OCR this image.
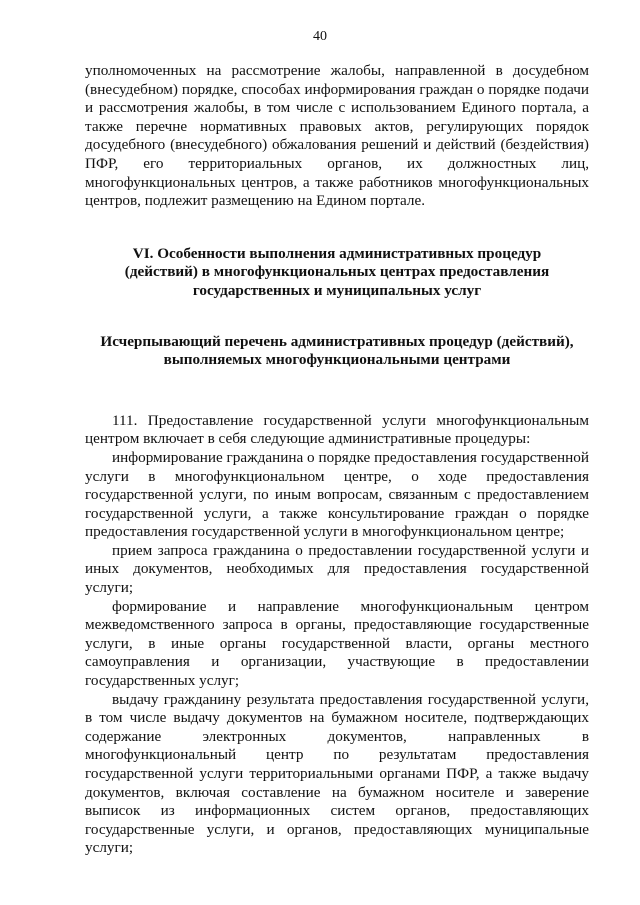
40

уполномоченных на рассмотрение жалобы, направленной в досудебном (внесудебном) порядке, способах информирования граждан о порядке подачи и рассмотрения жалобы, в том числе с использованием Единого портала, а также перечне нормативных правовых актов, регулирующих порядок досудебного (внесудебного) обжалования решений и действий (бездействия) ПФР, его территориальных органов, их должностных лиц, многофункциональных центров, а также работников многофункциональных центров, подлежит размещению на Едином портале.

VI. Особенности выполнения административных процедур (действий) в многофункциональных центрах предоставления государственных и муниципальных услуг

Исчерпывающий перечень административных процедур (действий), выполняемых многофункциональными центрами

111. Предоставление государственной услуги многофункциональным центром включает в себя следующие административные процедуры:

информирование гражданина о порядке предоставления государственной услуги в многофункциональном центре, о ходе предоставления государственной услуги, по иным вопросам, связанным с предоставлением государственной услуги, а также консультирование граждан о порядке предоставления государственной услуги в многофункциональном центре;

прием запроса гражданина о предоставлении государственной услуги и иных документов, необходимых для предоставления государственной услуги;

формирование и направление многофункциональным центром межведомственного запроса в органы, предоставляющие государственные услуги, в иные органы государственной власти, органы местного самоуправления и организации, участвующие в предоставлении государственных услуг;

выдачу гражданину результата предоставления государственной услуги, в том числе выдачу документов на бумажном носителе, подтверждающих содержание электронных документов, направленных в многофункциональный центр по результатам предоставления государственной услуги территориальными органами ПФР, а также выдачу документов, включая составление на бумажном носителе и заверение выписок из информационных систем органов, предоставляющих государственные услуги, и органов, предоставляющих муниципальные услуги;
